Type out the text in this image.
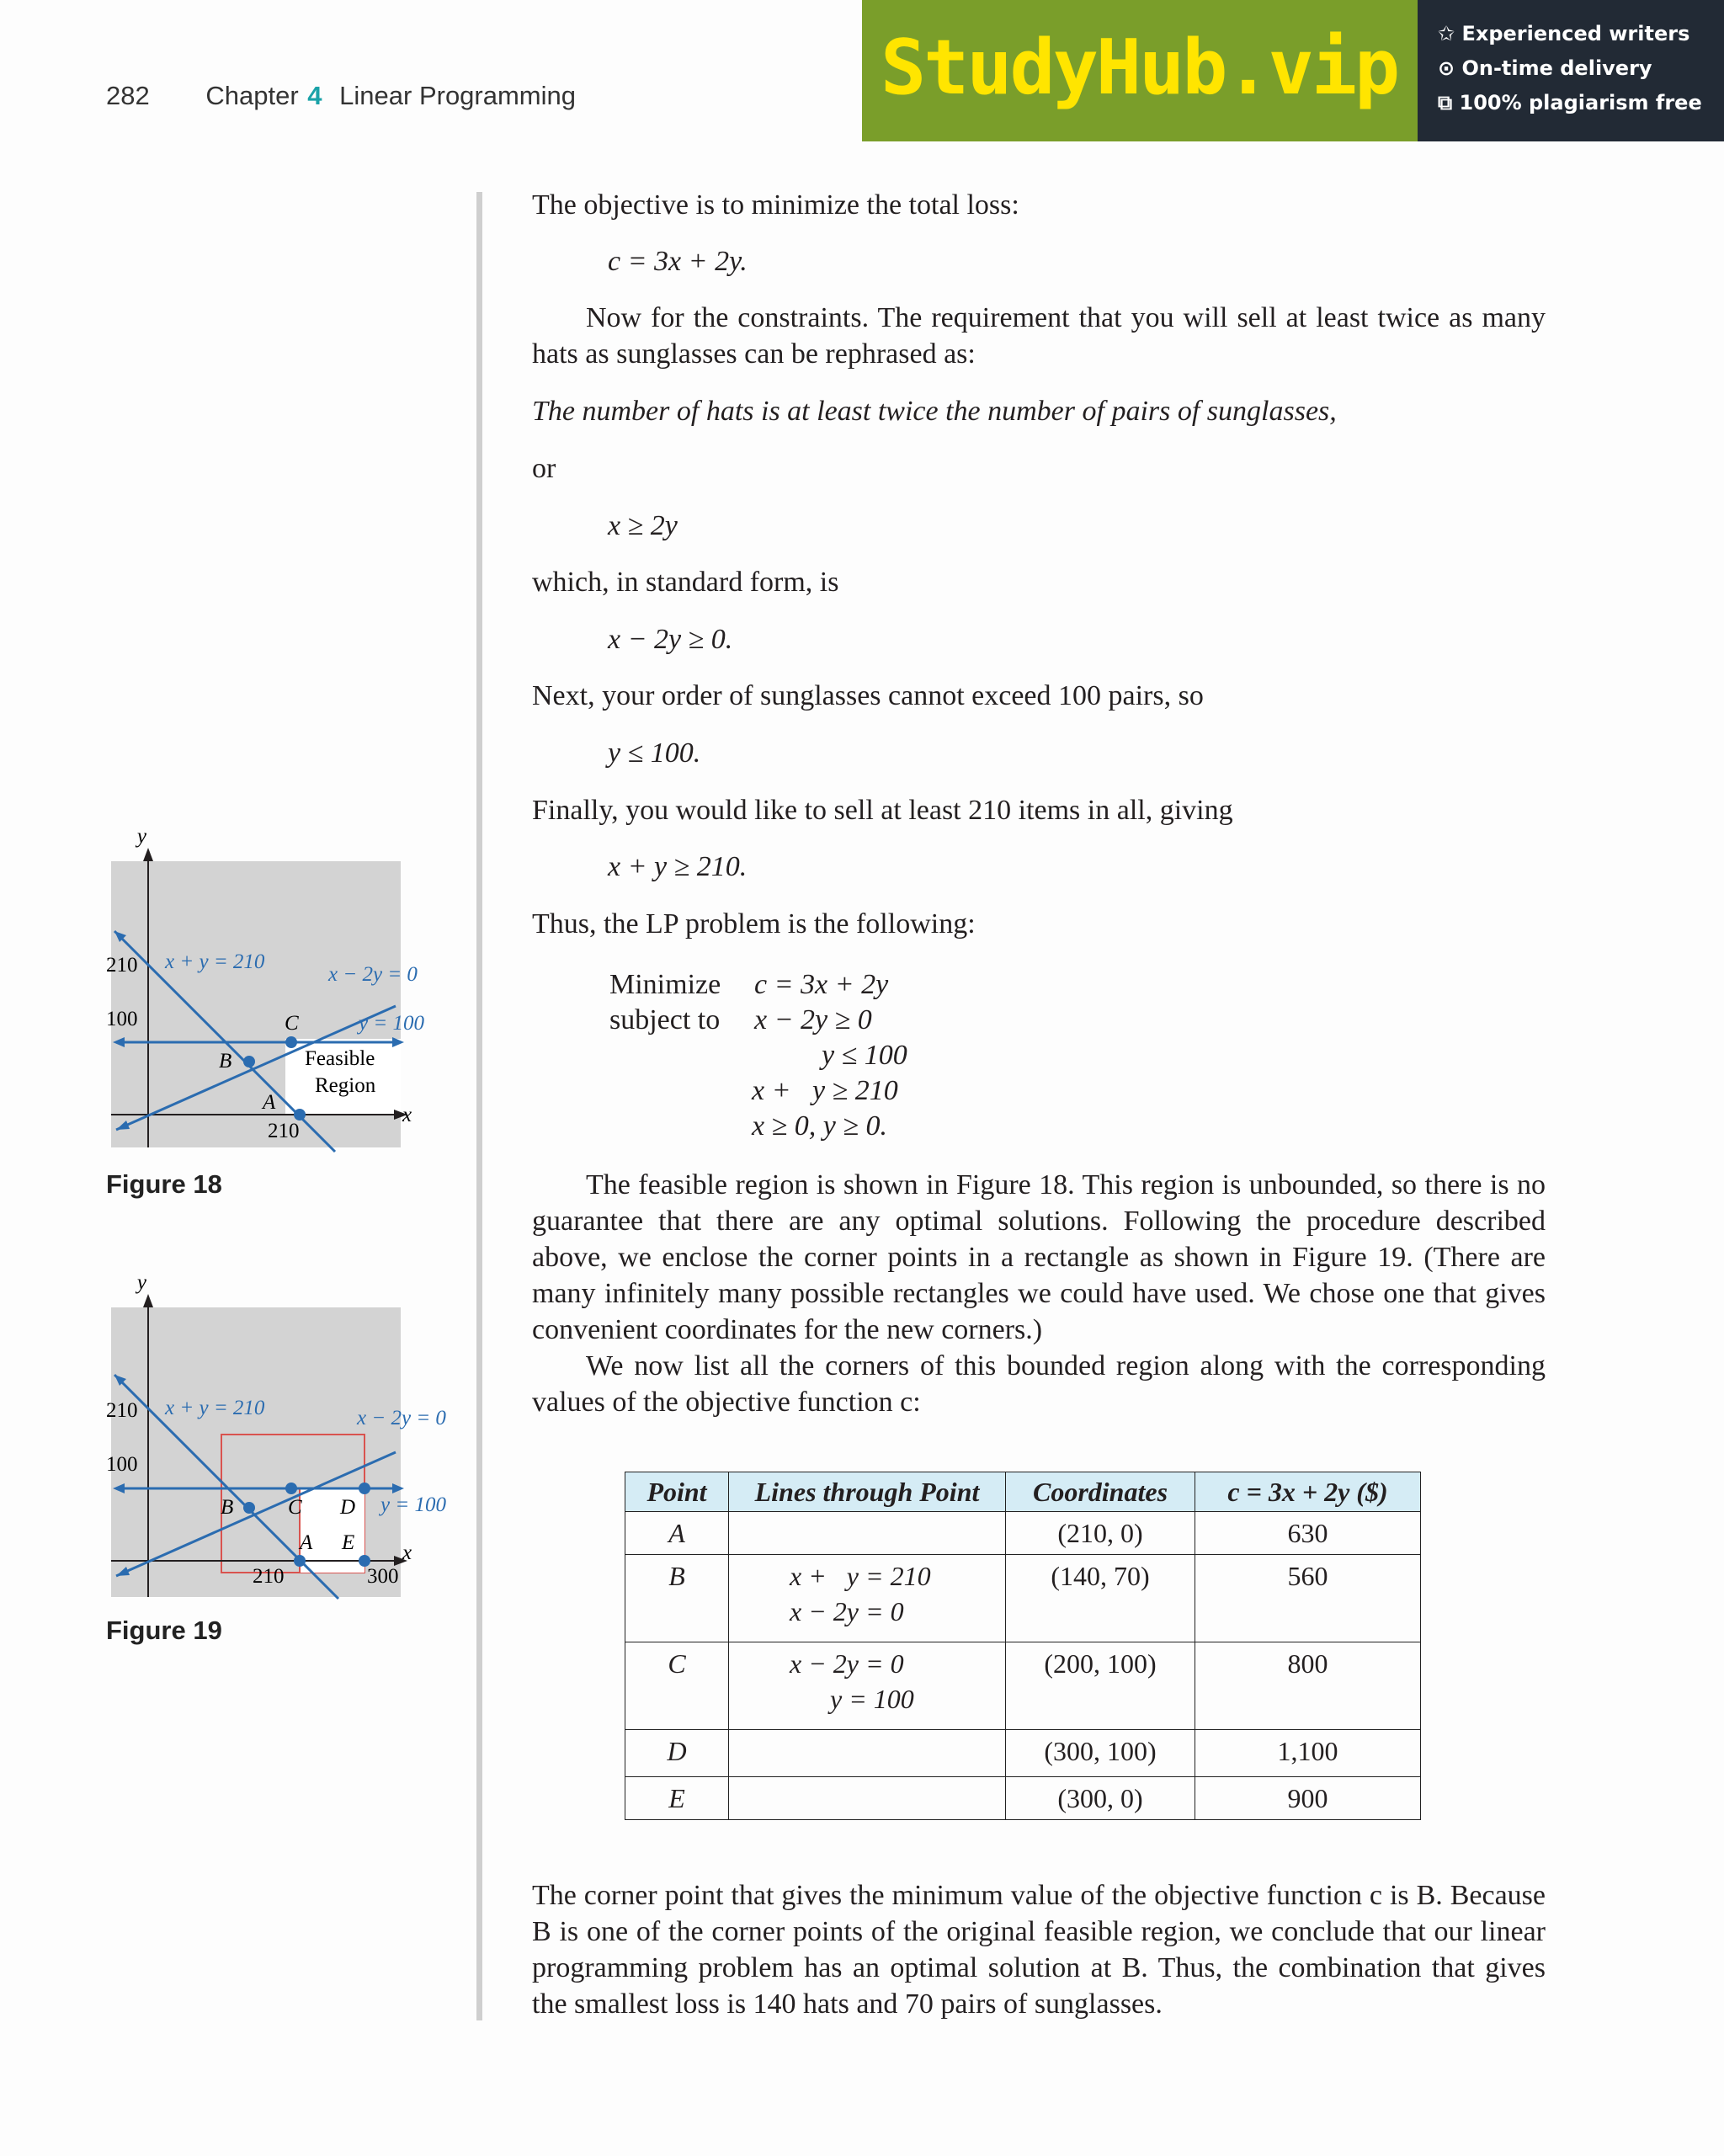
282 Chapter 4 Linear Programming	StudyHub.vip ✩ Experienced writers
⊙ On-time delivery
⧉ 100% plagiarism free
The objective is to minimize the total loss:
c = 3x + 2y.
Now for the constraints. The requirement that you will sell at least twice as many hats as sunglasses can be rephrased as:
The number of hats is at least twice the number of pairs of sunglasses,
or
x ≥ 2y
which, in standard form, is
x − 2y ≥ 0.
Next, your order of sunglasses cannot exceed 100 pairs, so
y ≤ 100.
Finally, you would like to sell at least 210 items in all, giving
x + y ≥ 210.
Thus, the LP problem is the following:
Minimize
subject to
c = 3x + 2y
x − 2y ≥ 0
y ≤ 100
x +   y ≥ 210
x ≥ 0, y ≥ 0.
The feasible region is shown in Figure 18. This region is unbounded, so there is no guarantee that there are any optimal solutions. Following the procedure described above, we enclose the corner points in a rectangle as shown in Figure 19. (There are many infinitely many possible rectangles we could have used. We chose one that gives convenient coordinates for the new corners.)
We now list all the corners of this bounded region along with the corresponding values of the objective function c:
Point	Lines through Point	Coordinates	c = 3x + 2y ($)
A		(210, 0)	630
B	x +   y = 210
x − 2y = 0	(140, 70)	560
C	x − 2y = 0
y = 100	(200, 100)	800
D		(300, 100)	1,100
E		(300, 0)	900
The corner point that gives the minimum value of the objective function c is B. Because B is one of the corner points of the original feasible region, we conclude that our linear programming problem has an optimal solution at B. Thus, the combination that gives the smallest loss is 140 hats and 70 pairs of sunglasses.
y
x
210
100
210
x + y = 210
x − 2y = 0
y = 100
B
C
A
Feasible
Region
Figure 18
y
x
210
100
210	300
x + y = 210	x − 2y = 0
y = 100
B	C D
A E
Figure 19
